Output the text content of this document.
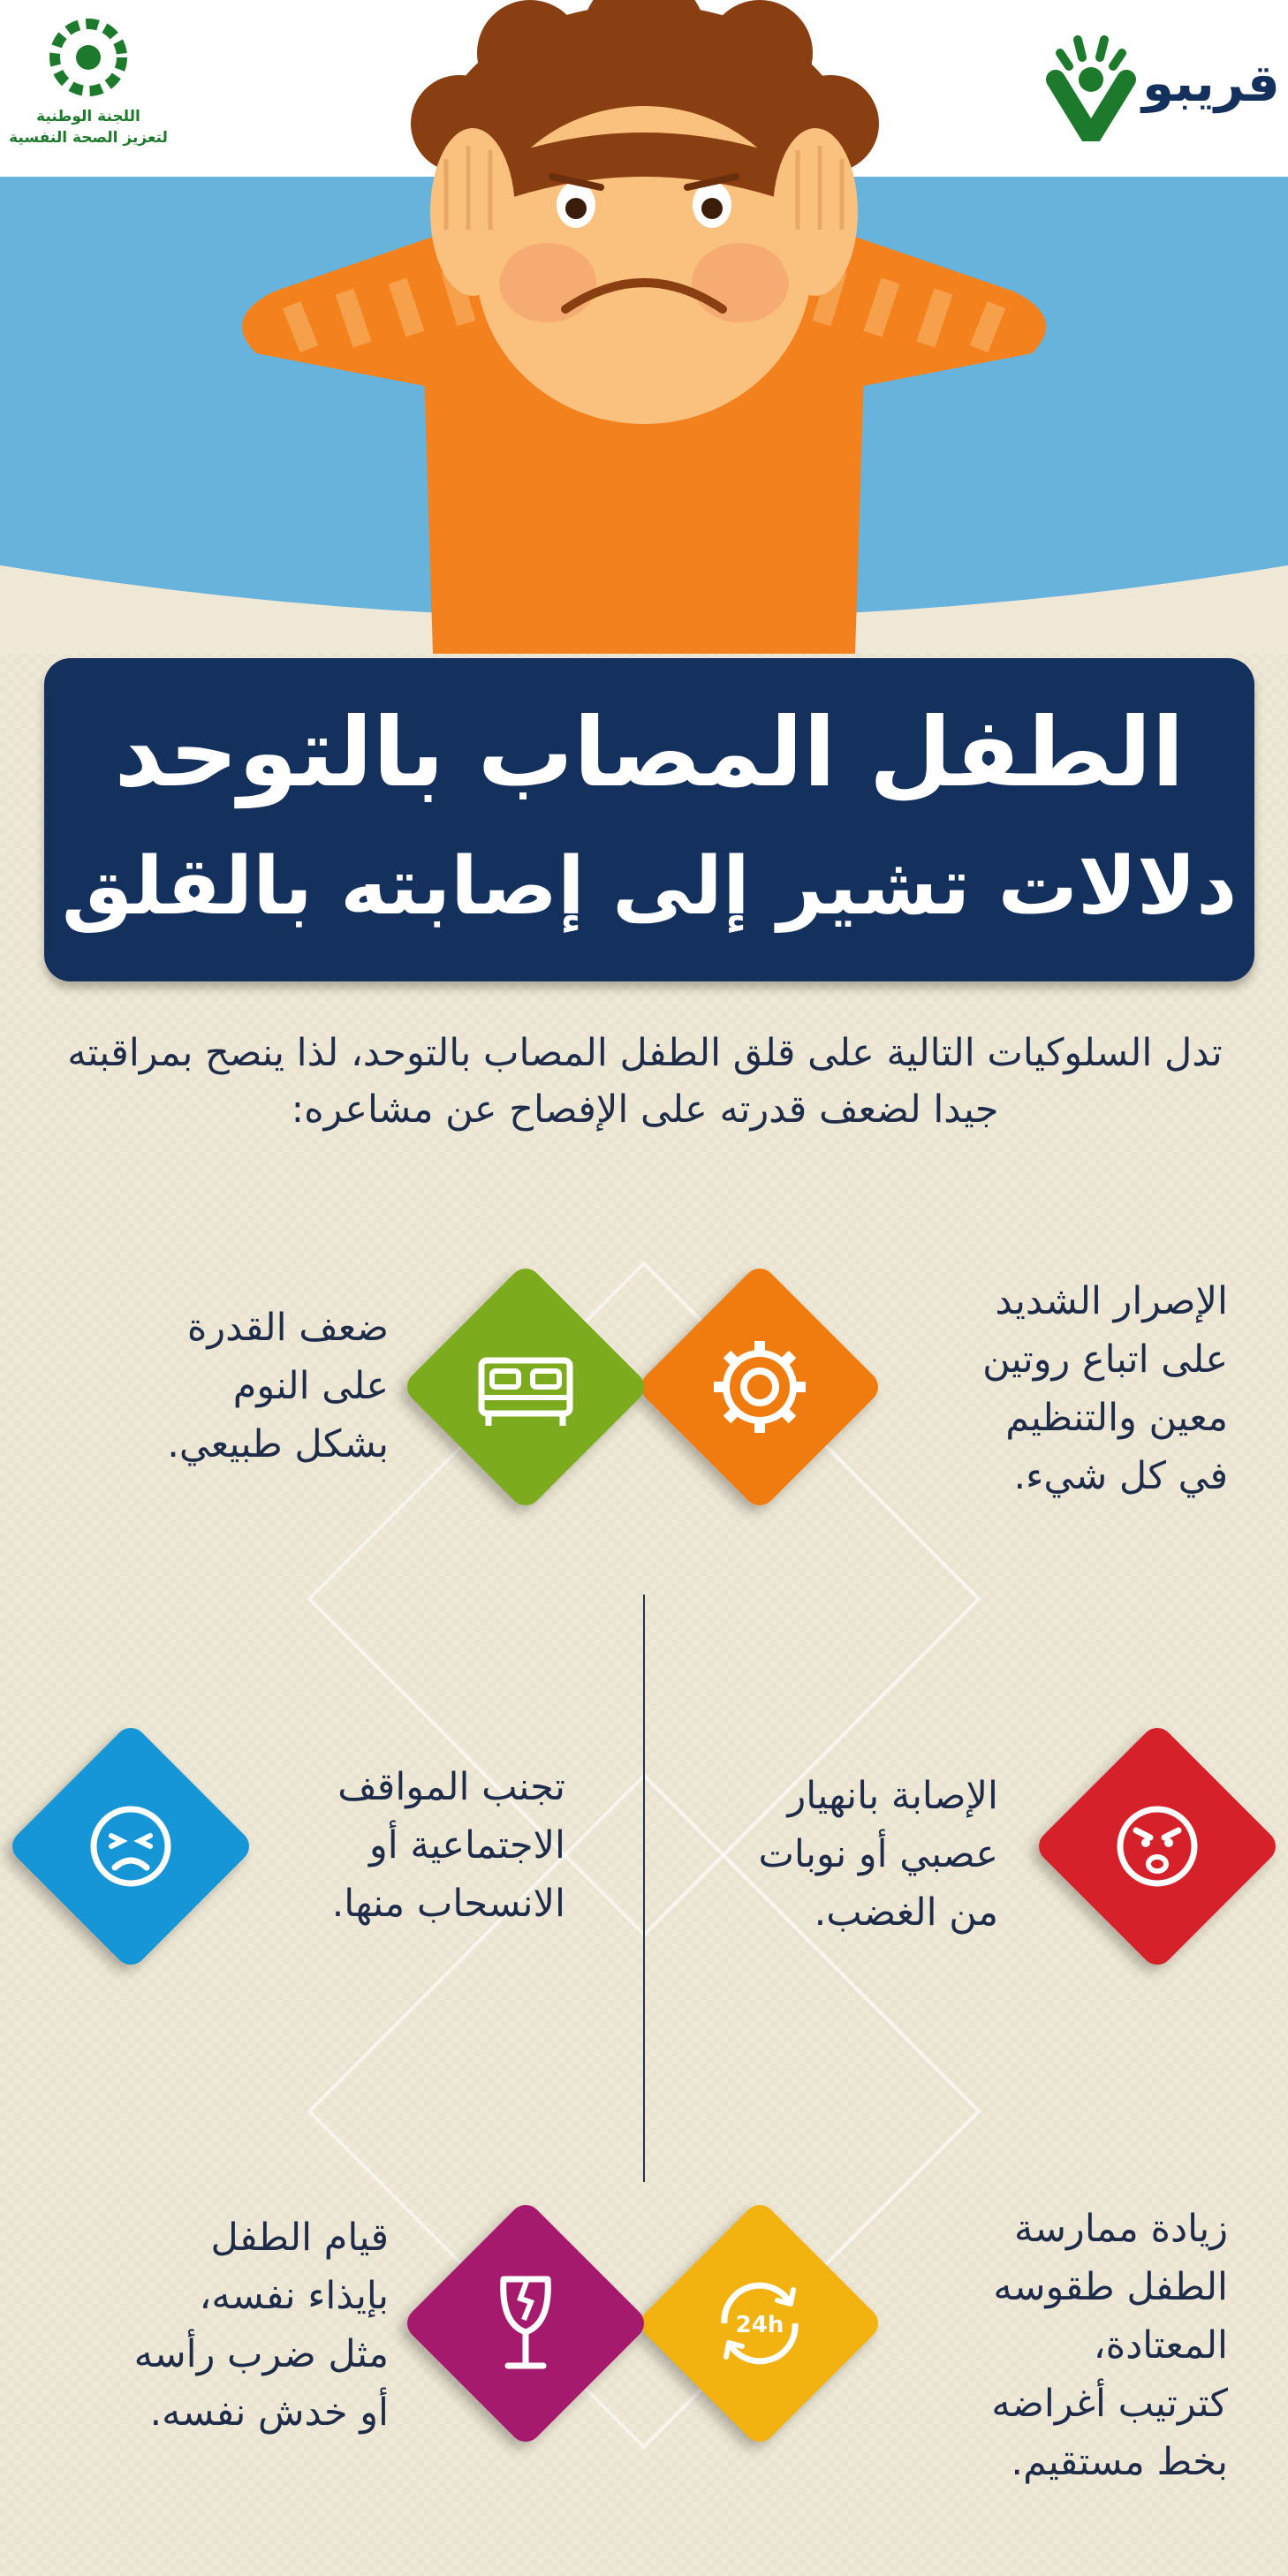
قريبو
اللجنة الوطنية
لتعزيز الصحة النفسية
الطفل المصاب بالتوحد
دلالات تشير إلى إصابته بالقلق
تدل السلوكيات التالية على قلق الطفل المصاب بالتوحد، لذا ينصح بمراقبته جيدا لضعف قدرته على الإفصاح عن مشاعره:
الإصرار الشديد
على اتباع روتين
معين والتنظيم
في كل شيء.
ضعف القدرة
على النوم
بشكل طبيعي.
الإصابة بانهيار
عصبي أو نوبات
من الغضب.
تجنب المواقف
الاجتماعية أو
الانسحاب منها.
24h
زيادة ممارسة
الطفل طقوسه
المعتادة،
كترتيب أغراضه
بخط مستقيم.
قيام الطفل
بإيذاء نفسه،
مثل ضرب رأسه
أو خدش نفسه.
